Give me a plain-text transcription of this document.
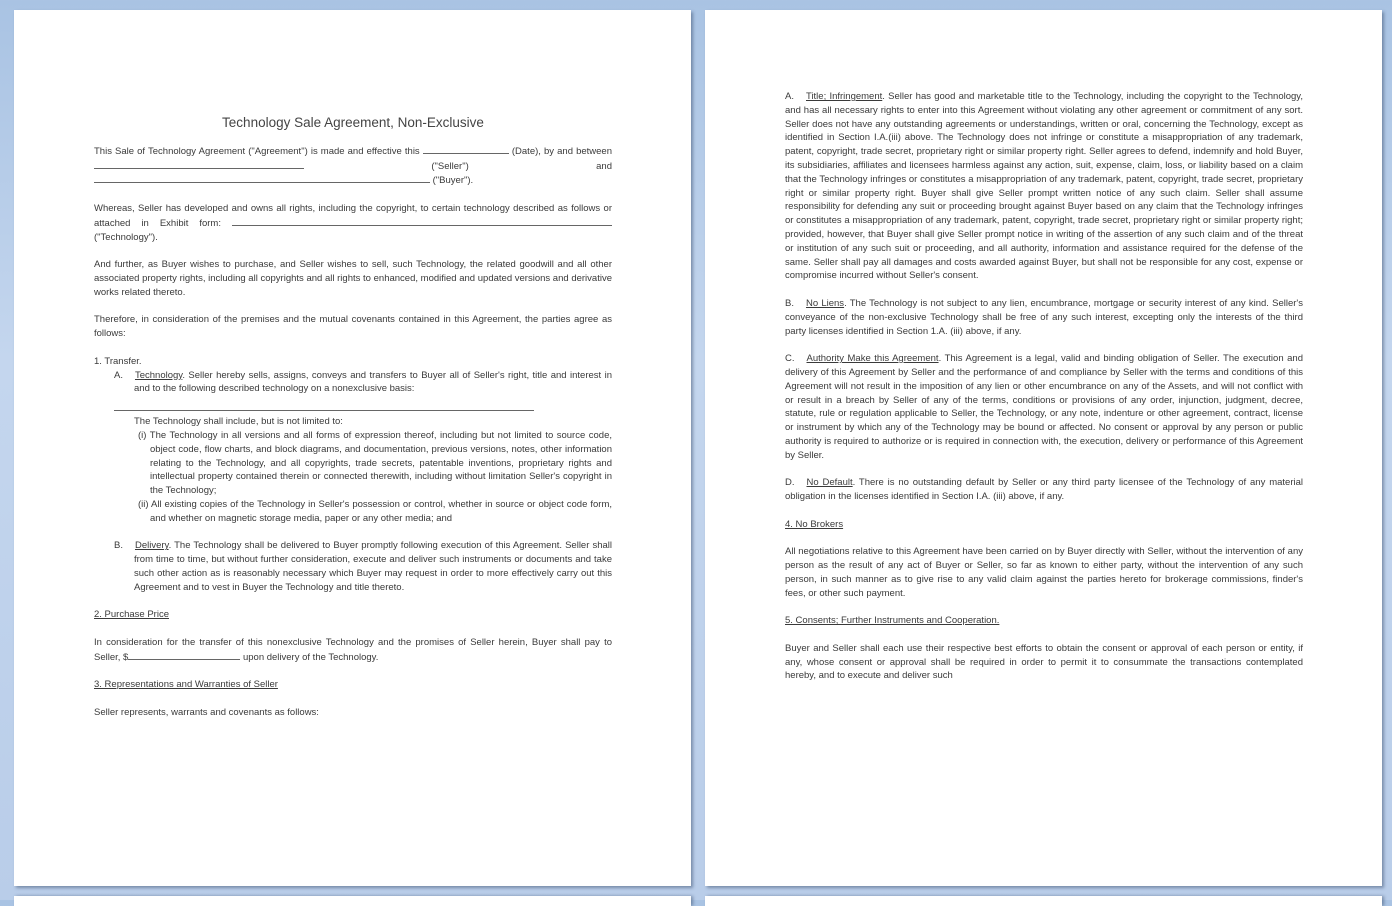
Technology Sale Agreement, Non-Exclusive

This Sale of Technology Agreement ("Agreement") is made and effective this	(Date), by and between  ("Seller") and  ("Buyer").

Whereas, Seller has developed and owns all rights, including the copyright, to certain technology described as follows or attached in Exhibit form:  ("Technology").

And further, as Buyer wishes to purchase, and Seller wishes to sell, such Technology, the related goodwill and all other associated property rights, including all copyrights and all rights to enhanced, modified and updated versions and derivative works related thereto.

Therefore, in consideration of the premises and the mutual covenants contained in this Agreement, the parties agree as follows:

1. Transfer.

A. Technology. Seller hereby sells, assigns, conveys and transfers to Buyer all of Seller's right, title and interest in and to the following described technology on a nonexclusive basis:

The Technology shall include, but is not limited to:

(i) The Technology in all versions and all forms of expression thereof, including but not limited to source code, object code, flow charts, and block diagrams, and documentation, previous versions, notes, other information relating to the Technology, and all copyrights, trade secrets, patentable inventions, proprietary rights and intellectual property contained therein or connected therewith, including without limitation Seller's copyright in the Technology;

(ii) All existing copies of the Technology in Seller's possession or control, whether in source or object code form, and whether on magnetic storage media, paper or any other media; and

B. Delivery. The Technology shall be delivered to Buyer promptly following execution of this Agreement. Seller shall from time to time, but without further consideration, execute and deliver such instruments or documents and take such other action as is reasonably necessary which Buyer may request in order to more effectively carry out this Agreement and to vest in Buyer the Technology and title thereto.

2. Purchase Price

In consideration for the transfer of this nonexclusive Technology and the promises of Seller herein, Buyer shall pay to Seller, $	upon delivery of the Technology.

3. Representations and Warranties of Seller

Seller represents, warrants and covenants as follows:

A. Title; Infringement. Seller has good and marketable title to the Technology, including the copyright to the Technology, and has all necessary rights to enter into this Agreement without violating any other agreement or commitment of any sort. Seller does not have any outstanding agreements or understandings, written or oral, concerning the Technology, except as identified in Section I.A.(iii) above. The Technology does not infringe or constitute a misappropriation of any trademark, patent, copyright, trade secret, proprietary right or similar property right. Seller agrees to defend, indemnify and hold Buyer, its subsidiaries, affiliates and licensees harmless against any action, suit, expense, claim, loss, or liability based on a claim that the Technology infringes or constitutes a misappropriation of any trademark, patent, copyright, trade secret, proprietary right or similar property right. Buyer shall give Seller prompt written notice of any such claim. Seller shall assume responsibility for defending any suit or proceeding brought against Buyer based on any claim that the Technology infringes or constitutes a misappropriation of any trademark, patent, copyright, trade secret, proprietary right or similar property right; provided, however, that Buyer shall give Seller prompt notice in writing of the assertion of any such claim and of the threat or institution of any such suit or proceeding, and all authority, information and assistance required for the defense of the same. Seller shall pay all damages and costs awarded against Buyer, but shall not be responsible for any cost, expense or compromise incurred without Seller's consent.

B. No Liens. The Technology is not subject to any lien, encumbrance, mortgage or security interest of any kind. Seller's conveyance of the non-exclusive Technology shall be free of any such interest, excepting only the interests of the third party licenses identified in Section 1.A. (iii) above, if any.

C. Authority Make this Agreement. This Agreement is a legal, valid and binding obligation of Seller. The execution and delivery of this Agreement by Seller and the performance of and compliance by Seller with the terms and conditions of this Agreement will not result in the imposition of any lien or other encumbrance on any of the Assets, and will not conflict with or result in a breach by Seller of any of the terms, conditions or provisions of any order, injunction, judgment, decree, statute, rule or regulation applicable to Seller, the Technology, or any note, indenture or other agreement, contract, license or instrument by which any of the Technology may be bound or affected. No consent or approval by any person or public authority is required to authorize or is required in connection with, the execution, delivery or performance of this Agreement by Seller.

D. No Default. There is no outstanding default by Seller or any third party licensee of the Technology of any material obligation in the licenses identified in Section I.A. (iii) above, if any.

4. No Brokers

All negotiations relative to this Agreement have been carried on by Buyer directly with Seller, without the intervention of any person as the result of any act of Buyer or Seller, so far as known to either party, without the intervention of any such person, in such manner as to give rise to any valid claim against the parties hereto for brokerage commissions, finder's fees, or other such payment.

5. Consents; Further Instruments and Cooperation.

Buyer and Seller shall each use their respective best efforts to obtain the consent or approval of each person or entity, if any, whose consent or approval shall be required in order to permit it to consummate the transactions contemplated hereby, and to execute and deliver such
